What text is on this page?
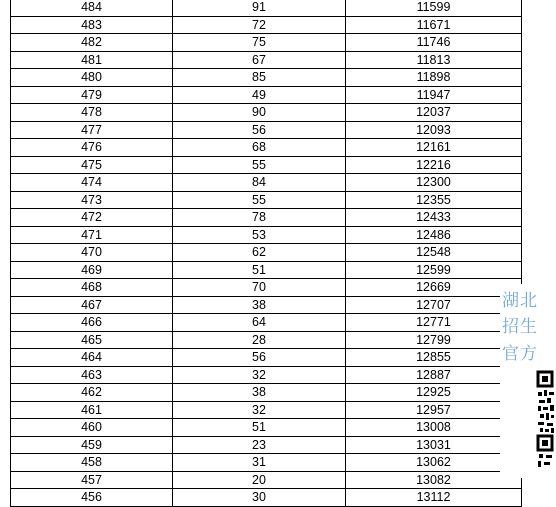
484	91	11599
483	72	11671
482	75	11746
481	67	11813
480	85	11898
479	49	11947
478	90	12037
477	56	12093
476	68	12161
475	55	12216
474	84	12300
473	55	12355
472	78	12433
471	53	12486
470	62	12548
469	51	12599
468	70	12669
467	38	12707
466	64	12771
465	28	12799
464	56	12855
463	32	12887
462	38	12925
461	32	12957
460	51	13008
459	23	13031
458	31	13062
457	20	13082
456	30	13112
湖北
招生
官方
